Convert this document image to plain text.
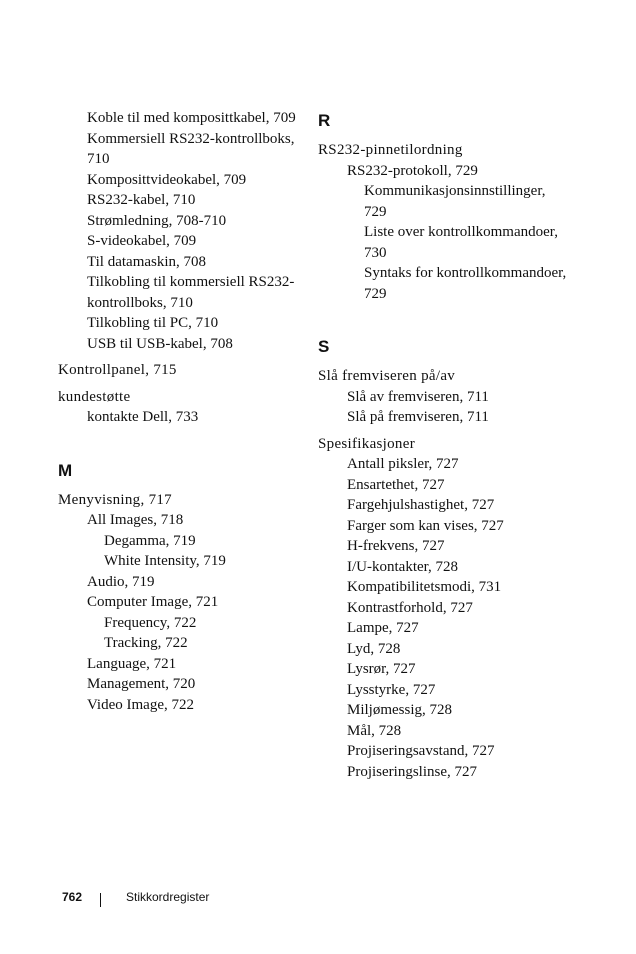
Koble til med komposittkabel, 709
Kommersiell RS232-kontrollboks, 710
Komposittvideokabel, 709
RS232-kabel, 710
Strømledning, 708-710
S-videokabel, 709
Til datamaskin, 708
Tilkobling til kommersiell RS232-kontrollboks, 710
Tilkobling til PC, 710
USB til USB-kabel, 708
Kontrollpanel, 715
kundestøtte
kontakte Dell, 733
M
Menyvisning, 717
All Images, 718
Degamma, 719
White Intensity, 719
Audio, 719
Computer Image, 721
Frequency, 722
Tracking, 722
Language, 721
Management, 720
Video Image, 722
R
RS232-pinnetilordning
RS232-protokoll, 729
Kommunikasjonsinnstillinger, 729
Liste over kontrollkommandoer, 730
Syntaks for kontrollkommandoer, 729
S
Slå fremviseren på/av
Slå av fremviseren, 711
Slå på fremviseren, 711
Spesifikasjoner
Antall piksler, 727
Ensartethet, 727
Fargehjulshastighet, 727
Farger som kan vises, 727
H-frekvens, 727
I/U-kontakter, 728
Kompatibilitetsmodi, 731
Kontrastforhold, 727
Lampe, 727
Lyd, 728
Lysrør, 727
Lysstyrke, 727
Miljømessig, 728
Mål, 728
Projiseringsavstand, 727
Projiseringslinse, 727
762	Stikkordregister
